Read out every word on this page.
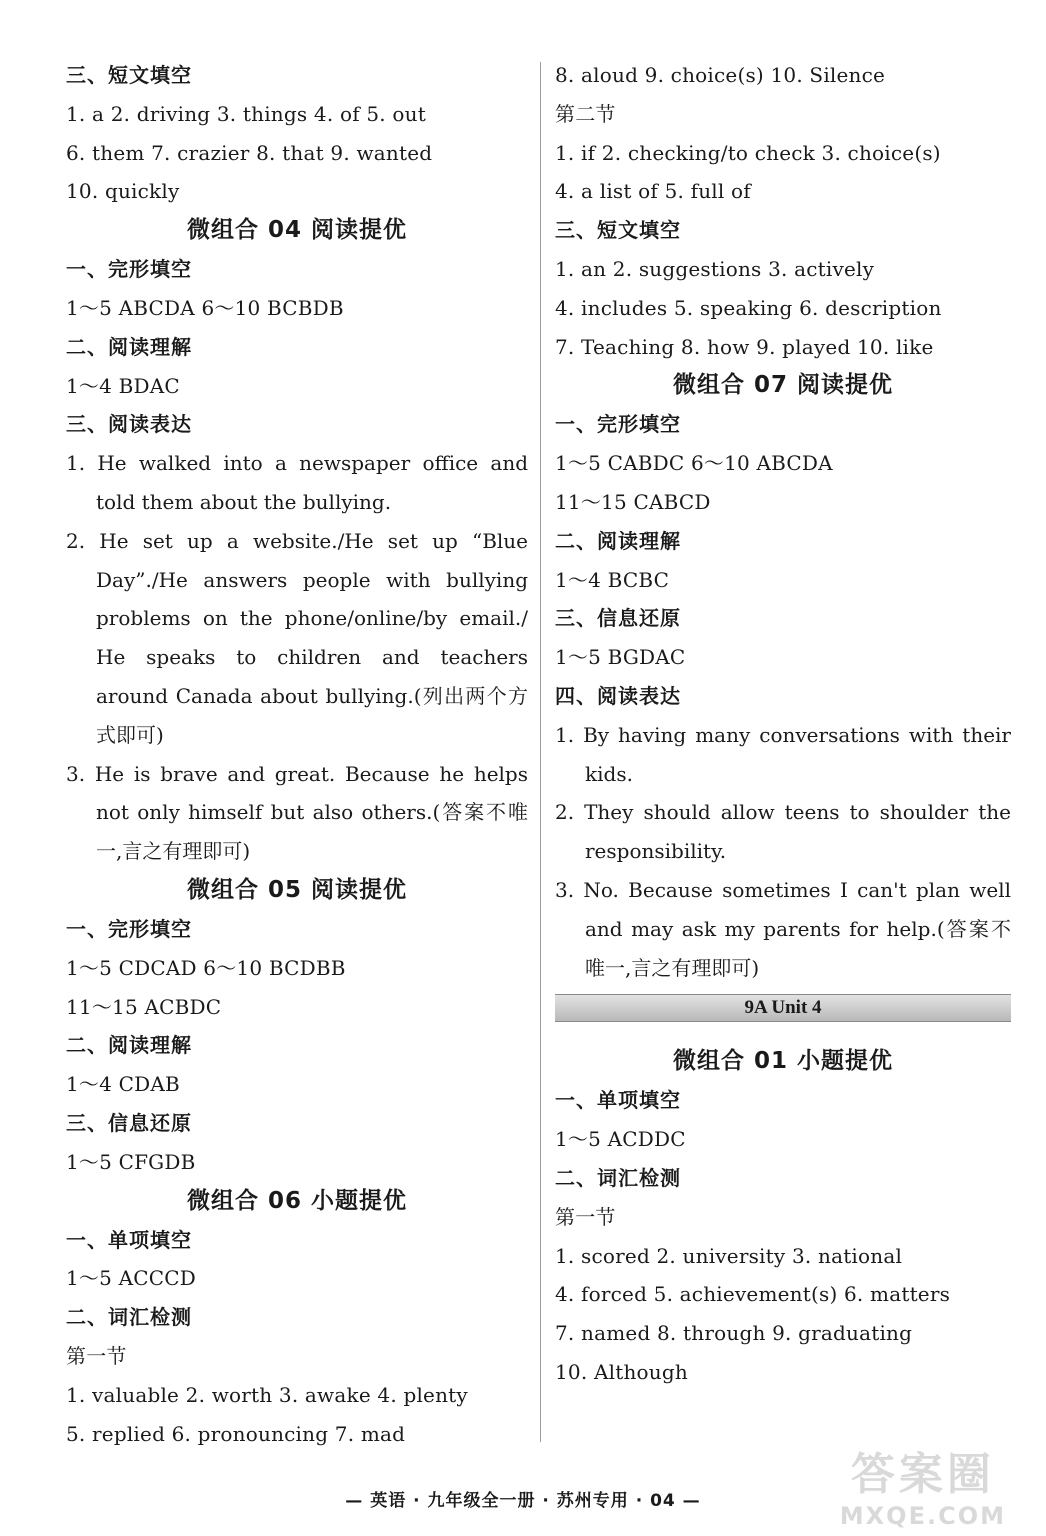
三、短文填空
1. a 2. driving 3. things 4. of 5. out
6. them 7. crazier 8. that 9. wanted
10. quickly
微组合 04 阅读提优
一、完形填空
1～5 ABCDA 6～10 BCBDB
二、阅读理解
1～4 BDAC
三、阅读表达
1. He walked into a newspaper office and told them about the bullying.
2. He set up a website./He set up “Blue Day”./He answers people with bullying problems on the phone/online/by email./ He speaks to children and teachers around Canada about bullying.(列出两个方式即可)
3. He is brave and great. Because he helps not only himself but also others.(答案不唯一,言之有理即可)
微组合 05 阅读提优
一、完形填空
1～5 CDCAD 6～10 BCDBB
11～15 ACBDC
二、阅读理解
1～4 CDAB
三、信息还原
1～5 CFGDB
微组合 06 小题提优
一、单项填空
1～5 ACCCD
二、词汇检测
第一节
1. valuable 2. worth 3. awake 4. plenty
5. replied 6. pronouncing 7. mad
8. aloud 9. choice(s) 10. Silence
第二节
1. if 2. checking/to check 3. choice(s)
4. a list of 5. full of
三、短文填空
1. an 2. suggestions 3. actively
4. includes 5. speaking 6. description
7. Teaching 8. how 9. played 10. like
微组合 07 阅读提优
一、完形填空
1～5 CABDC 6～10 ABCDA
11～15 CABCD
二、阅读理解
1～4 BCBC
三、信息还原
1～5 BGDAC
四、阅读表达
1. By having many conversations with their kids.
2. They should allow teens to shoulder the responsibility.
3. No. Because sometimes I can't plan well and may ask my parents for help.(答案不唯一,言之有理即可)
9A Unit 4
微组合 01 小题提优
一、单项填空
1～5 ACDDC
二、词汇检测
第一节
1. scored 2. university 3. national
4. forced 5. achievement(s) 6. matters
7. named 8. through 9. graduating
10. Although
— 英语 · 九年级全一册 · 苏州专用 · 04 —
答案圈
MXQE.COM
